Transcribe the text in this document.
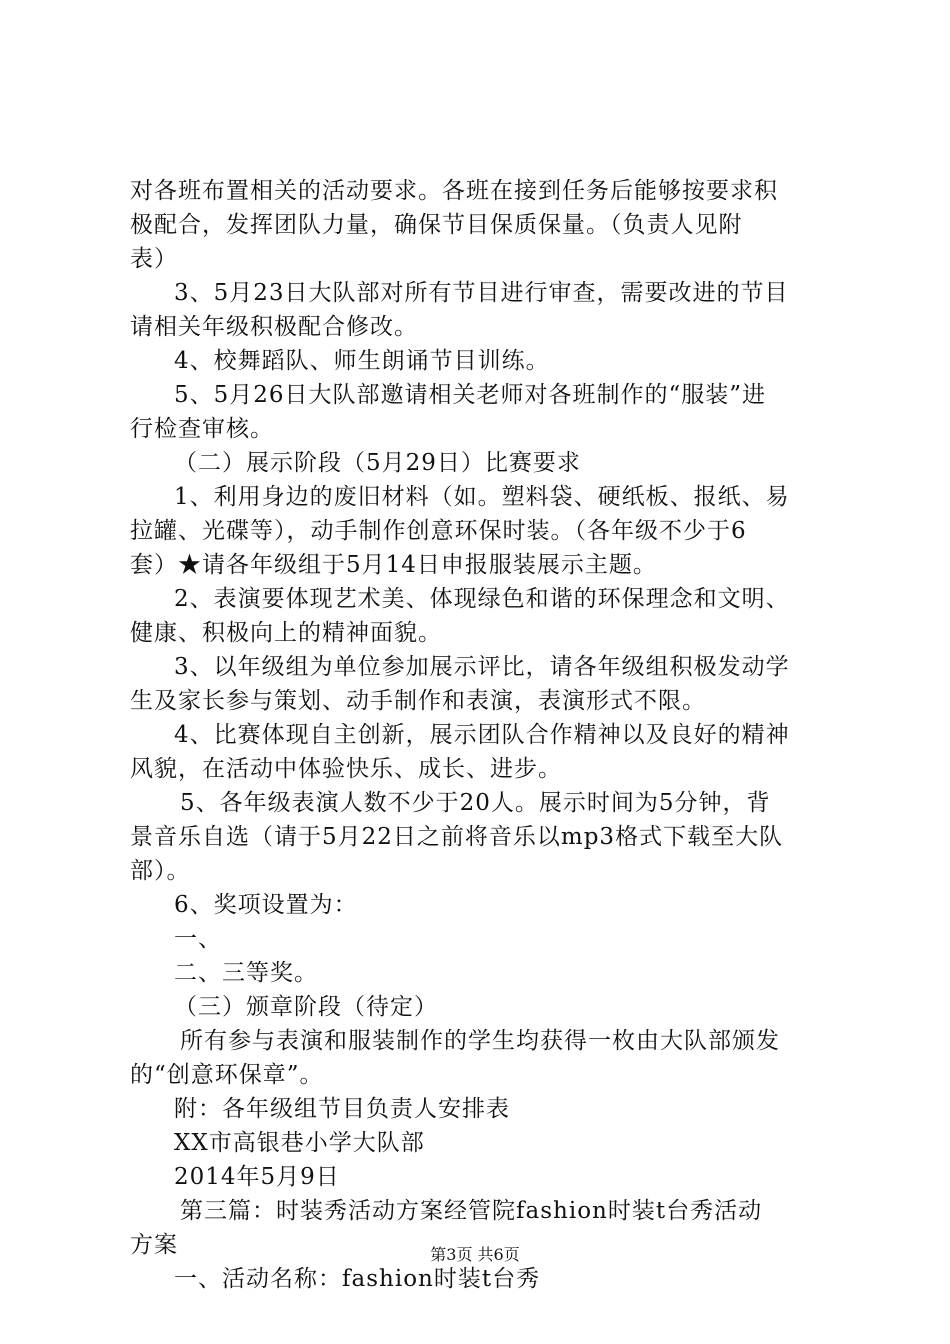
对各班布置相关的活动要求。各班在接到任务后能够按要求积
极配合，发挥团队力量，确保节目保质保量。（负责人见附
表）
3、5月23日大队部对所有节目进行审查，需要改进的节目
请相关年级积极配合修改。
4、校舞蹈队、师生朗诵节目训练。
5、5月26日大队部邀请相关老师对各班制作的“服装”进
行检查审核。
（二）展示阶段（5月29日）比赛要求
1、利用身边的废旧材料（如。塑料袋、硬纸板、报纸、易
拉罐、光碟等），动手制作创意环保时装。（各年级不少于6
套）★请各年级组于5月14日申报服装展示主题。
2、表演要体现艺术美、体现绿色和谐的环保理念和文明、
健康、积极向上的精神面貌。
3、以年级组为单位参加展示评比，请各年级组积极发动学
生及家长参与策划、动手制作和表演，表演形式不限。
4、比赛体现自主创新，展示团队合作精神以及良好的精神
风貌，在活动中体验快乐、成长、进步。
5、各年级表演人数不少于20人。展示时间为5分钟，背
景音乐自选（请于5月22日之前将音乐以mp3格式下载至大队
部）。
6、奖项设置为：
一、
二、三等奖。
（三）颁章阶段（待定）
所有参与表演和服装制作的学生均获得一枚由大队部颁发
的“创意环保章”。
附：各年级组节目负责人安排表
XX市高银巷小学大队部
2014年5月9日
第三篇：时装秀活动方案经管院fashion时装t台秀活动
方案
一、活动名称：fashion时装t台秀
第3页 共6页
